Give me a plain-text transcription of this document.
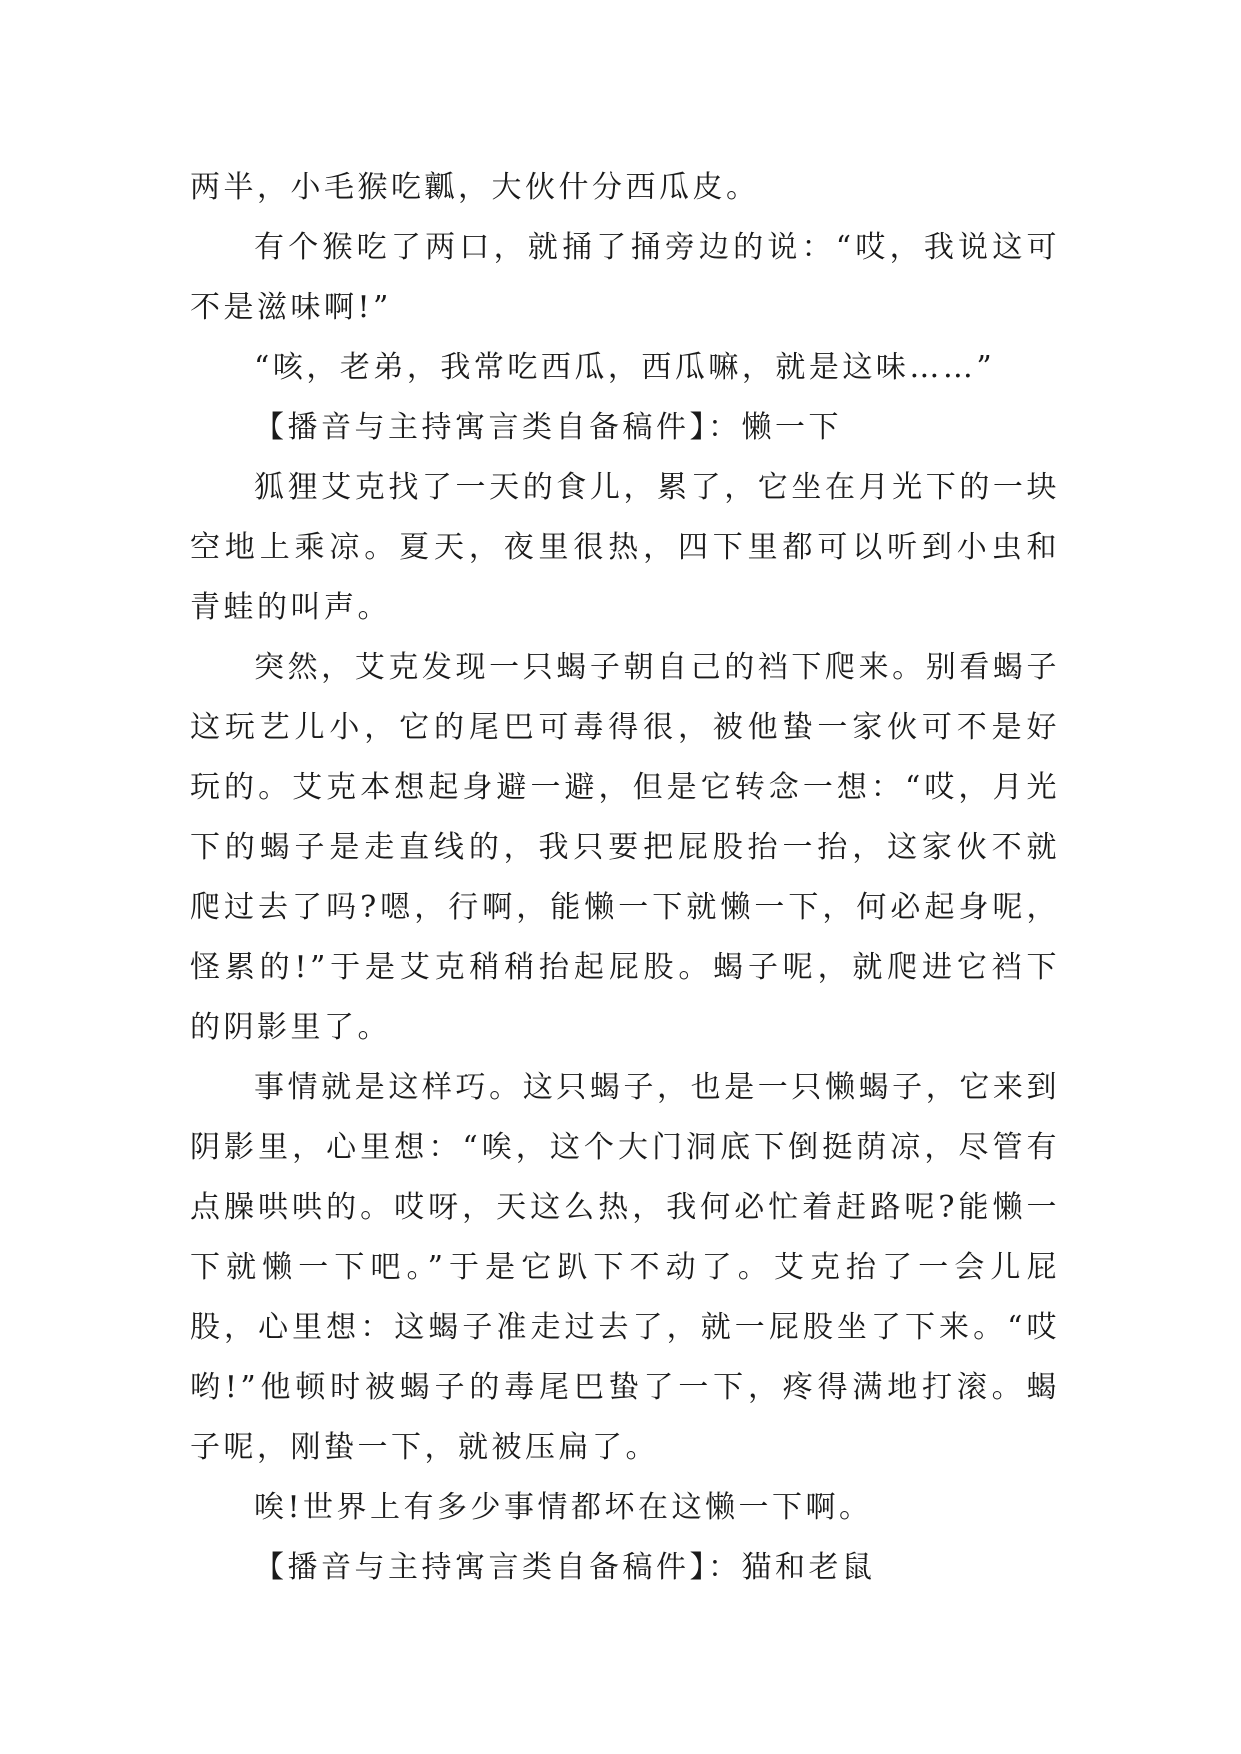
两半，小毛猴吃瓤，大伙什分西瓜皮。

有个猴吃了两口，就捅了捅旁边的说：“哎，我说这可不是滋味啊!”

“咳，老弟，我常吃西瓜，西瓜嘛，就是这味……”

【播音与主持寓言类自备稿件】：懒一下

狐狸艾克找了一天的食儿，累了，它坐在月光下的一块空地上乘凉。夏天，夜里很热，四下里都可以听到小虫和青蛙的叫声。

突然，艾克发现一只蝎子朝自己的裆下爬来。别看蝎子这玩艺儿小，它的尾巴可毒得很，被他蛰一家伙可不是好玩的。艾克本想起身避一避，但是它转念一想：“哎，月光下的蝎子是走直线的，我只要把屁股抬一抬，这家伙不就爬过去了吗?嗯，行啊，能懒一下就懒一下，何必起身呢，怪累的!”于是艾克稍稍抬起屁股。蝎子呢，就爬进它裆下的阴影里了。

事情就是这样巧。这只蝎子，也是一只懒蝎子，它来到阴影里，心里想：“唉，这个大门洞底下倒挺荫凉，尽管有点臊哄哄的。哎呀，天这么热，我何必忙着赶路呢?能懒一下就懒一下吧。”于是它趴下不动了。艾克抬了一会儿屁股，心里想：这蝎子准走过去了，就一屁股坐了下来。“哎哟!”他顿时被蝎子的毒尾巴蛰了一下，疼得满地打滚。蝎子呢，刚蛰一下，就被压扁了。

唉!世界上有多少事情都坏在这懒一下啊。

【播音与主持寓言类自备稿件】：猫和老鼠
